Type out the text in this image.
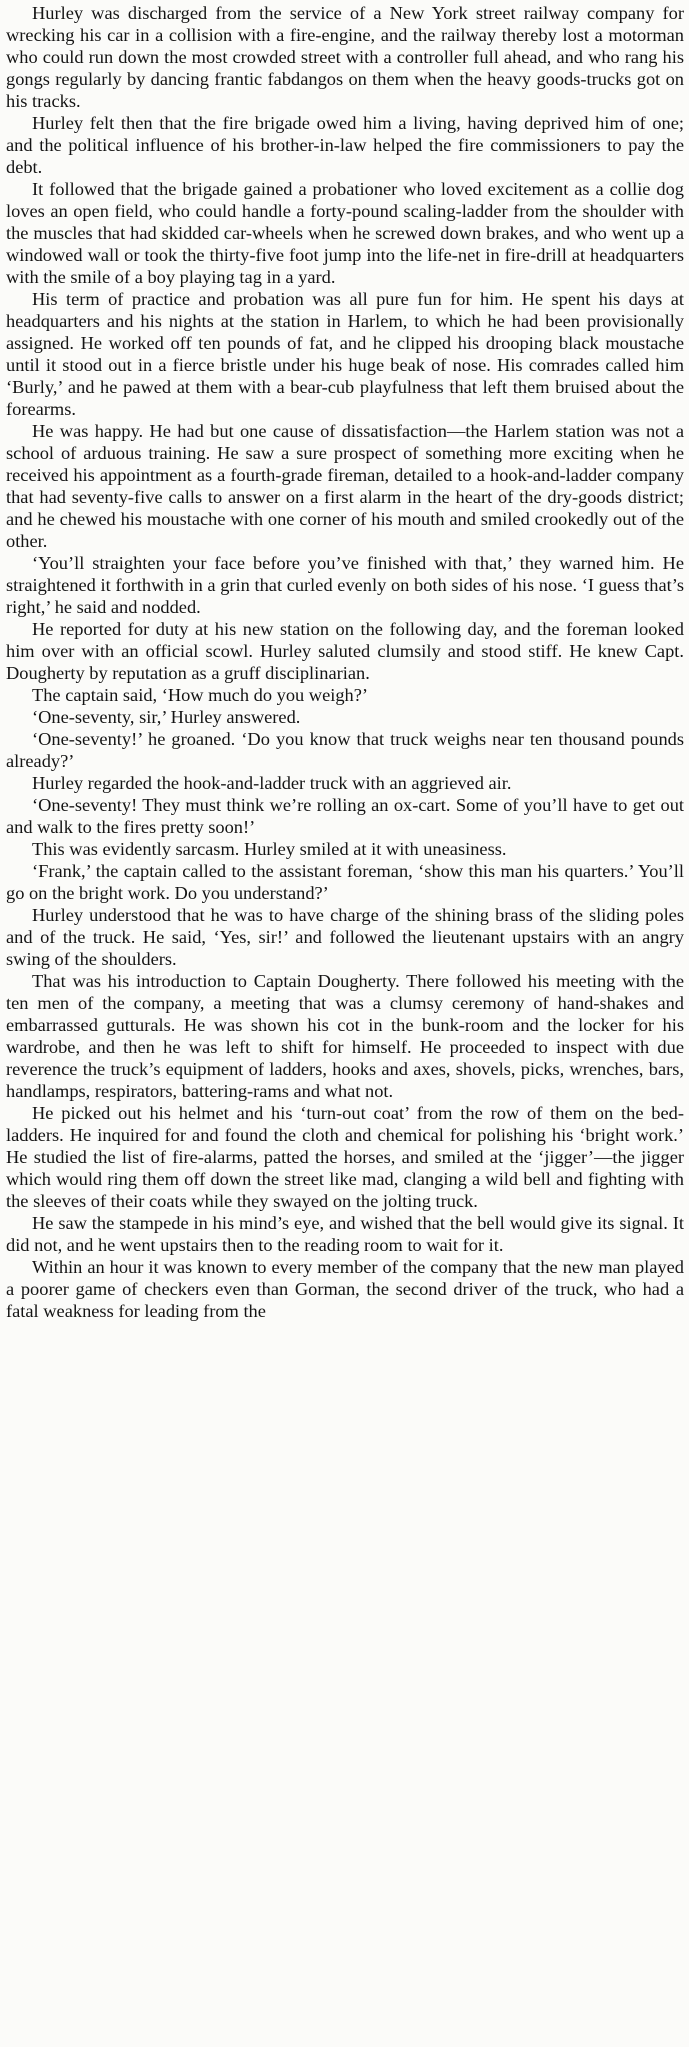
Hurley was discharged from the service of a New York street railway company for wrecking his car in a collision with a fire-engine, and the railway thereby lost a motorman who could run down the most crowded street with a controller full ahead, and who rang his gongs regularly by dancing frantic fabdangos on them when the heavy goods-trucks got on his tracks.

Hurley felt then that the fire brigade owed him a living, having deprived him of one; and the political influence of his brother-in-law helped the fire commissioners to pay the debt.

It followed that the brigade gained a probationer who loved excitement as a collie dog loves an open field, who could handle a forty-pound scaling-ladder from the shoulder with the muscles that had skidded car-wheels when he screwed down brakes, and who went up a windowed wall or took the thirty-five foot jump into the life-net in fire-drill at headquarters with the smile of a boy playing tag in a yard.

His term of practice and probation was all pure fun for him. He spent his days at headquarters and his nights at the station in Harlem, to which he had been provisionally assigned. He worked off ten pounds of fat, and he clipped his drooping black moustache until it stood out in a fierce bristle under his huge beak of nose. His comrades called him ‘Burly,’ and he pawed at them with a bear-cub playfulness that left them bruised about the forearms.

He was happy. He had but one cause of dissatisfaction—the Harlem station was not a school of arduous training. He saw a sure prospect of something more exciting when he received his appointment as a fourth-grade fireman, detailed to a hook-and-ladder company that had seventy-five calls to answer on a first alarm in the heart of the dry-goods district; and he chewed his moustache with one corner of his mouth and smiled crookedly out of the other.

‘You’ll straighten your face before you’ve finished with that,’ they warned him. He straightened it forthwith in a grin that curled evenly on both sides of his nose. ‘I guess that’s right,’ he said and nodded.

He reported for duty at his new station on the following day, and the foreman looked him over with an official scowl. Hurley saluted clumsily and stood stiff. He knew Capt. Dougherty by reputation as a gruff disciplinarian.

The captain said, ‘How much do you weigh?’

‘One-seventy, sir,’ Hurley answered.

‘One-seventy!’ he groaned. ‘Do you know that truck weighs near ten thousand pounds already?’

Hurley regarded the hook-and-ladder truck with an aggrieved air.

‘One-seventy! They must think we’re rolling an ox-cart. Some of you’ll have to get out and walk to the fires pretty soon!’

This was evidently sarcasm. Hurley smiled at it with uneasiness.

‘Frank,’ the captain called to the assistant foreman, ‘show this man his quarters.’ You’ll go on the bright work. Do you understand?’

Hurley understood that he was to have charge of the shining brass of the sliding poles and of the truck. He said, ‘Yes, sir!’ and followed the lieutenant upstairs with an angry swing of the shoulders.

That was his introduction to Captain Dougherty. There followed his meeting with the ten men of the company, a meeting that was a clumsy ceremony of hand-shakes and embarrassed gutturals. He was shown his cot in the bunk-room and the locker for his wardrobe, and then he was left to shift for himself. He proceeded to inspect with due reverence the truck’s equipment of ladders, hooks and axes, shovels, picks, wrenches, bars, handlamps, respirators, battering-rams and what not.

He picked out his helmet and his ‘turn-out coat’ from the row of them on the bed-ladders. He inquired for and found the cloth and chemical for polishing his ‘bright work.’ He studied the list of fire-alarms, patted the horses, and smiled at the ‘jigger’—the jigger which would ring them off down the street like mad, clanging a wild bell and fighting with the sleeves of their coats while they swayed on the jolting truck.

He saw the stampede in his mind’s eye, and wished that the bell would give its signal. It did not, and he went upstairs then to the reading room to wait for it.

Within an hour it was known to every member of the company that the new man played a poorer game of checkers even than Gorman, the second driver of the truck, who had a fatal weakness for leading from the
